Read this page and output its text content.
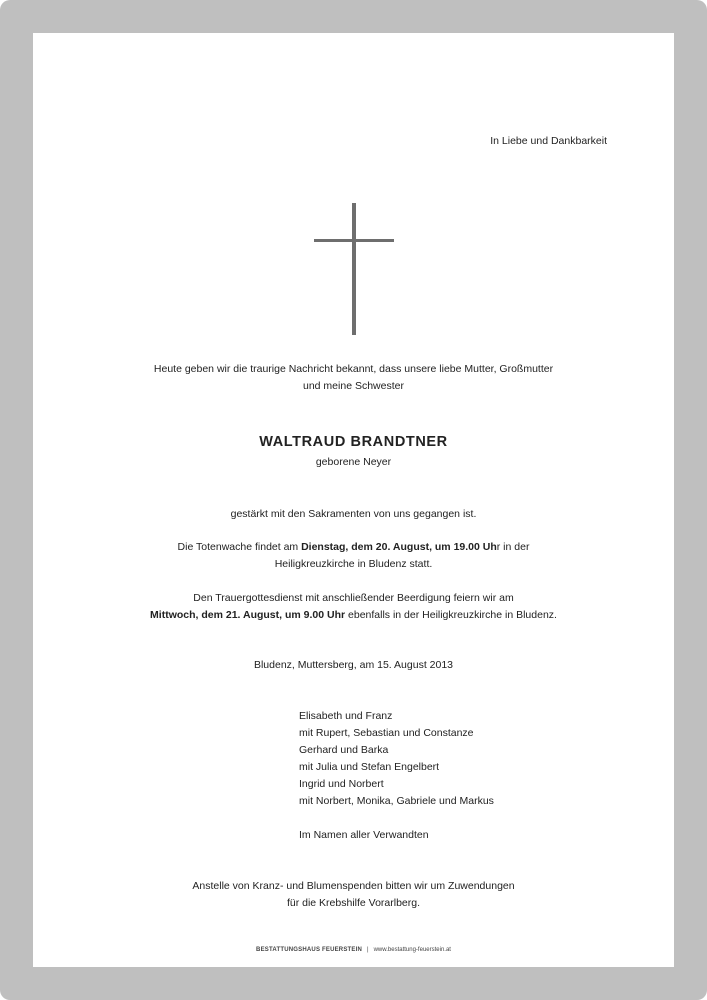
In Liebe und Dankbarkeit
Heute geben wir die traurige Nachricht bekannt, dass unsere liebe Mutter, Großmutter
und meine Schwester
WALTRAUD BRANDTNER
geborene Neyer
gestärkt mit den Sakramenten von uns gegangen ist.
Die Totenwache findet am Dienstag, dem 20. August, um 19.00 Uhr in der
Heiligkreuzkirche in Bludenz statt.
Den Trauergottesdienst mit anschließender Beerdigung feiern wir am
Mittwoch, dem 21. August, um 9.00 Uhr ebenfalls in der Heiligkreuzkirche in Bludenz.
Bludenz, Muttersberg, am 15. August 2013
Elisabeth und Franz
mit Rupert, Sebastian und Constanze
Gerhard und Barka
mit Julia und Stefan Engelbert
Ingrid und Norbert
mit Norbert, Monika, Gabriele und Markus
Im Namen aller Verwandten
Anstelle von Kranz- und Blumenspenden bitten wir um Zuwendungen
für die Krebshilfe Vorarlberg.
BESTATTUNGSHAUS FEUERSTEIN | www.bestattung-feuerstein.at
